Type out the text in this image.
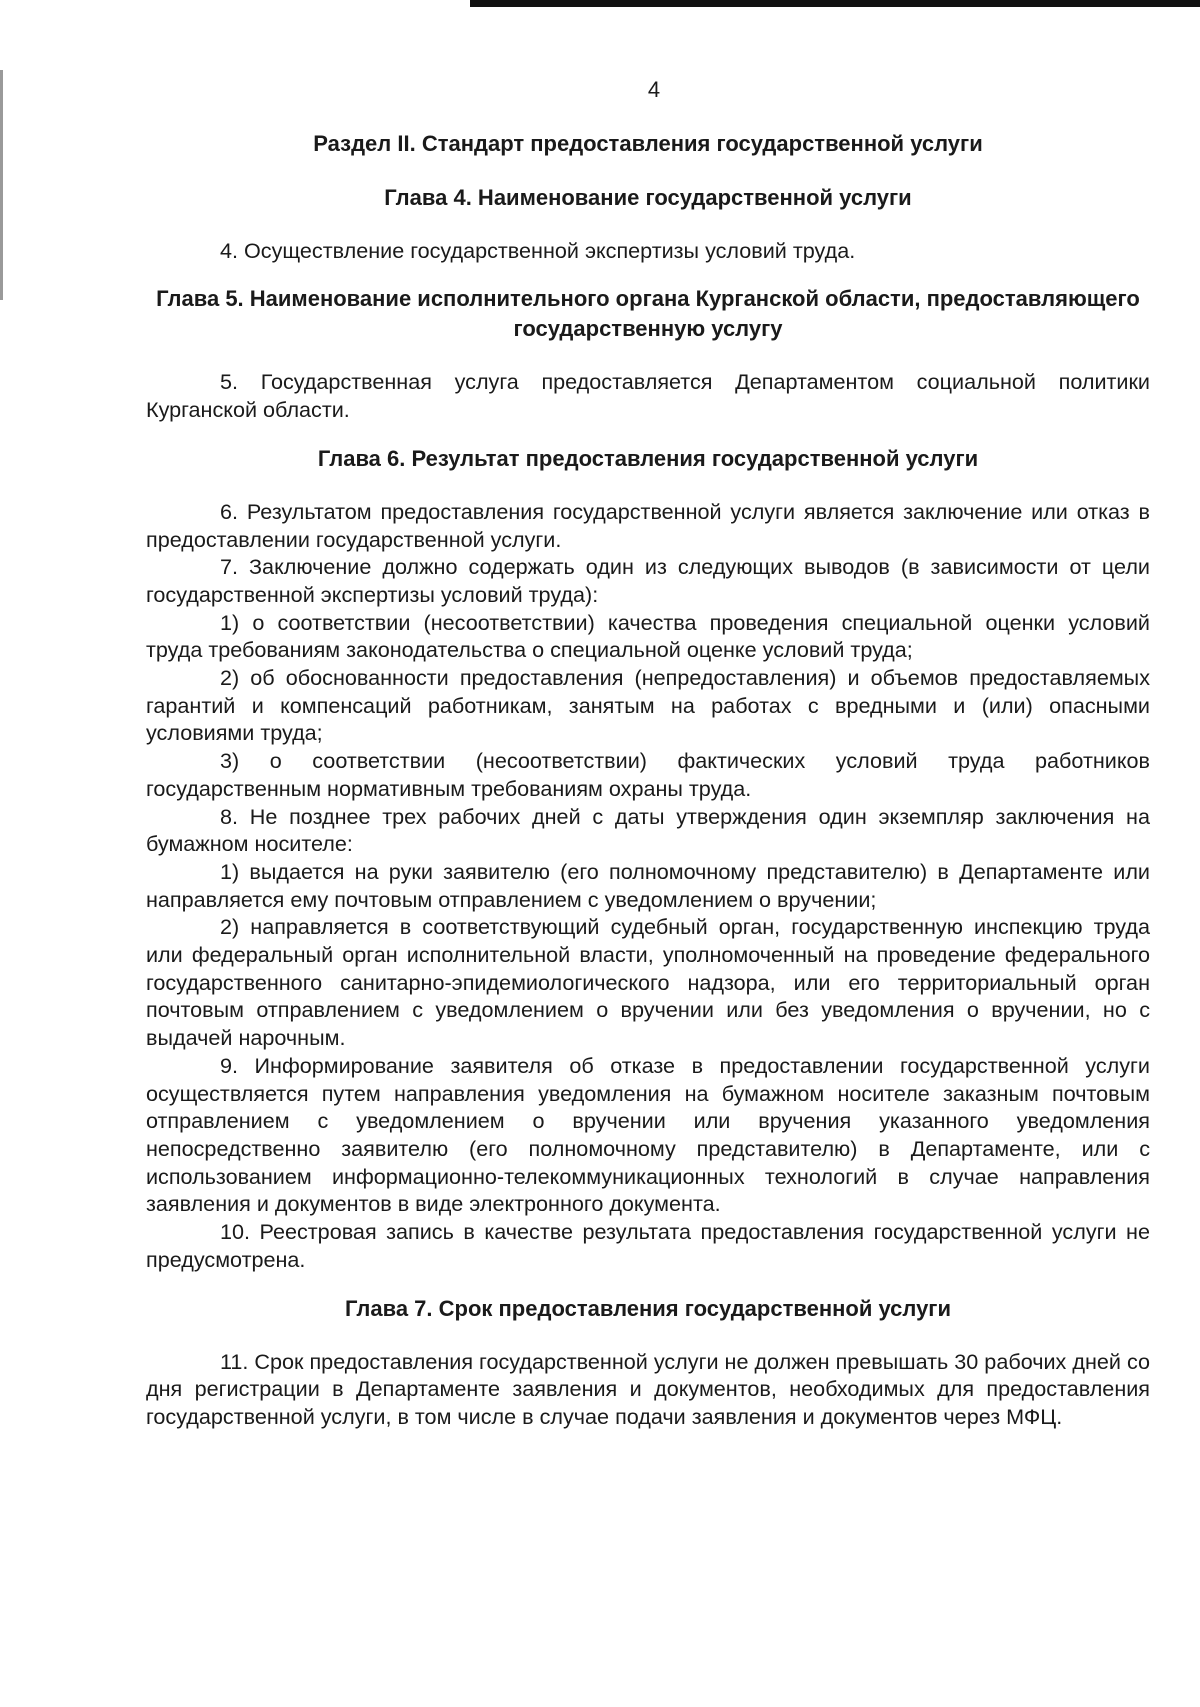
4
Раздел II. Стандарт предоставления государственной услуги
Глава 4. Наименование государственной услуги

4. Осуществление государственной экспертизы условий труда.

Глава 5. Наименование исполнительного органа Курганской области, предоставляющего государственную услугу

5. Государственная услуга предоставляется Департаментом социальной политики Курганской области.

Глава 6. Результат предоставления государственной услуги

6. Результатом предоставления государственной услуги является заключение или отказ в предоставлении государственной услуги.

7. Заключение должно содержать один из следующих выводов (в зависимости от цели государственной экспертизы условий труда):

1) о соответствии (несоответствии) качества проведения специальной оценки условий труда требованиям законодательства о специальной оценке условий труда;

2) об обоснованности предоставления (непредоставления) и объемов предоставляемых гарантий и компенсаций работникам, занятым на работах с вредными и (или) опасными условиями труда;

3) о соответствии (несоответствии) фактических условий труда работников государственным нормативным требованиям охраны труда.

8. Не позднее трех рабочих дней с даты утверждения один экземпляр заключения на бумажном носителе:

1) выдается на руки заявителю (его полномочному представителю) в Департаменте или направляется ему почтовым отправлением с уведомлением о вручении;

2) направляется в соответствующий судебный орган, государственную инспекцию труда или федеральный орган исполнительной власти, уполномоченный на проведение федерального государственного санитарно-эпидемиологического надзора, или его территориальный орган почтовым отправлением с уведомлением о вручении или без уведомления о вручении, но с выдачей нарочным.

9. Информирование заявителя об отказе в предоставлении государственной услуги осуществляется путем направления уведомления на бумажном носителе заказным почтовым отправлением с уведомлением о вручении или вручения указанного уведомления непосредственно заявителю (его полномочному представителю) в Департаменте, или с использованием информационно-телекоммуникационных технологий в случае направления заявления и документов в виде электронного документа.

10. Реестровая запись в качестве результата предоставления государственной услуги не предусмотрена.

Глава 7. Срок предоставления государственной услуги

11. Срок предоставления государственной услуги не должен превышать 30 рабочих дней со дня регистрации в Департаменте заявления и документов, необходимых для предоставления государственной услуги, в том числе в случае подачи заявления и документов через МФЦ.
